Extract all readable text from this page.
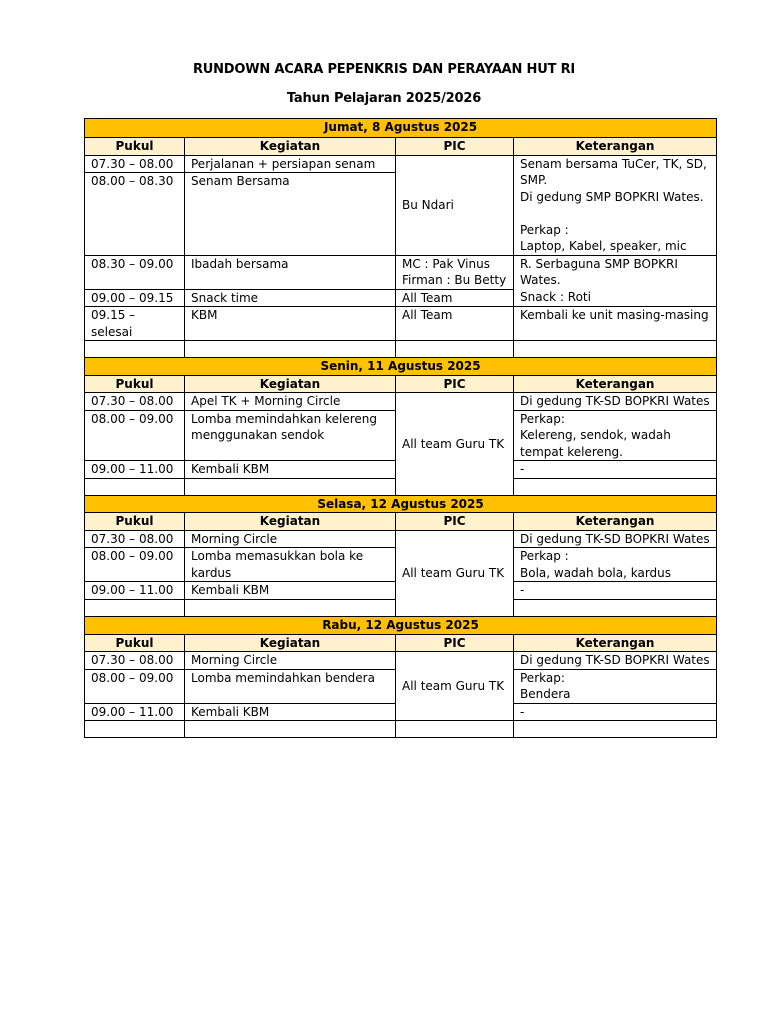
RUNDOWN ACARA PEPENKRIS DAN PERAYAAN HUT RI
Tahun Pelajaran 2025/2026
Jumat, 8 Agustus 2025			
Pukul	Kegiatan	PIC	Keterangan
07.30 – 08.00	Perjalanan + persiapan senam	Bu Ndari	Senam bersama TuCer, TK, SD, SMP.
Di gedung SMP BOPKRI Wates.

Perkap :
Laptop, Kabel, speaker, mic
08.00 – 08.30	Senam Bersama		
08.30 – 09.00	Ibadah bersama	MC : Pak Vinus
Firman : Bu Betty	R. Serbaguna SMP BOPKRI Wates.
Snack : Roti
09.00 – 09.15	Snack time	All Team	
09.15 – selesai	KBM	All Team	Kembali ke unit masing-masing

Senin, 11 Agustus 2025			
Pukul	Kegiatan	PIC	Keterangan
07.30 – 08.00	Apel TK + Morning Circle	All team Guru TK	Di gedung TK-SD BOPKRI Wates
08.00 – 09.00	Lomba memindahkan kelereng menggunakan sendok		Perkap:
Kelereng, sendok, wadah tempat kelereng.
09.00 – 11.00	Kembali KBM		-

Selasa, 12 Agustus 2025			
Pukul	Kegiatan	PIC	Keterangan
07.30 – 08.00	Morning Circle	All team Guru TK	Di gedung TK-SD BOPKRI Wates
08.00 – 09.00	Lomba memasukkan bola ke kardus		Perkap :
Bola, wadah bola, kardus
09.00 – 11.00	Kembali KBM		-

Rabu, 12 Agustus 2025			
Pukul	Kegiatan	PIC	Keterangan
07.30 – 08.00	Morning Circle	All team Guru TK	Di gedung TK-SD BOPKRI Wates
08.00 – 09.00	Lomba memindahkan bendera		Perkap:
Bendera
09.00 – 11.00	Kembali KBM		-
